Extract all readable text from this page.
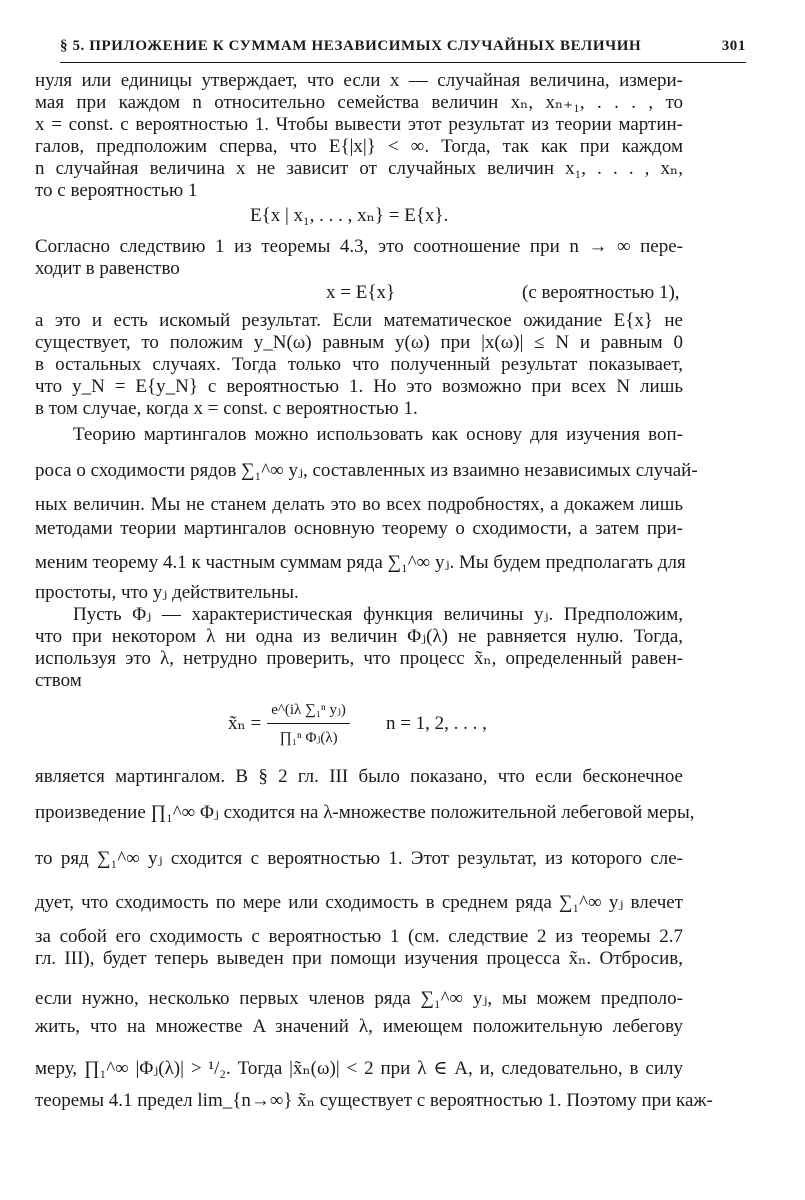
§ 5. ПРИЛОЖЕНИЕ К СУММАМ НЕЗАВИСИМЫХ СЛУЧАЙНЫХ ВЕЛИЧИН	301
нуля или единицы утверждает, что если x — случайная величина, измери-
мая при каждом n относительно семейства величин xₙ, xₙ₊₁, . . . , то
x = const. с вероятностью 1. Чтобы вывести этот результат из теории мартин-
галов, предположим сперва, что E{|x|} < ∞. Тогда, так как при каждом
n случайная величина x не зависит от случайных величин x₁, . . . , xₙ,
то с вероятностью 1
E{x | x₁, . . . , xₙ} = E{x}.
Согласно следствию 1 из теоремы 4.3, это соотношение при n → ∞ пере-
ходит в равенство
x = E{x}	(с вероятностью 1),
а это и есть искомый результат. Если математическое ожидание E{x} не
существует, то положим y_N(ω) равным y(ω) при |x(ω)| ≤ N и равным 0
в остальных случаях. Тогда только что полученный результат показывает,
что y_N = E{y_N} с вероятностью 1. Но это возможно при всех N лишь
в том случае, когда x = const. с вероятностью 1.
Теорию мартингалов можно использовать как основу для изучения воп-
роса о сходимости рядов ∑₁^∞ yⱼ, составленных из взаимно независимых случай-
ных величин. Мы не станем делать это во всех подробностях, а докажем лишь
методами теории мартингалов основную теорему о сходимости, а затем при-
меним теорему 4.1 к частным суммам ряда ∑₁^∞ yⱼ. Мы будем предполагать для
простоты, что yⱼ действительны.
Пусть Φⱼ — характеристическая функция величины yⱼ. Предположим,
что при некотором λ ни одна из величин Φⱼ(λ) не равняется нулю. Тогда,
используя это λ, нетрудно проверить, что процесс x̃ₙ, определенный равен-
ством
x̃ₙ =
e^(iλ ∑₁ⁿ yⱼ)
∏₁ⁿ Φⱼ(λ)
n = 1, 2, . . . ,
является мартингалом. В § 2 гл. III было показано, что если бесконечное
произведение ∏₁^∞ Φⱼ сходится на λ-множестве положительной лебеговой меры,
то ряд ∑₁^∞ yⱼ сходится с вероятностью 1. Этот результат, из которого сле-
дует, что сходимость по мере или сходимость в среднем ряда ∑₁^∞ yⱼ влечет
за собой его сходимость с вероятностью 1 (см. следствие 2 из теоремы 2.7
гл. III), будет теперь выведен при помощи изучения процесса x̃ₙ. Отбросив,
если нужно, несколько первых членов ряда ∑₁^∞ yⱼ, мы можем предполо-
жить, что на множестве A значений λ, имеющем положительную лебегову
меру, ∏₁^∞ |Φⱼ(λ)| > ¹/₂. Тогда |x̃ₙ(ω)| < 2 при λ ∈ A, и, следовательно, в силу
теоремы 4.1 предел lim_{n→∞} x̃ₙ существует с вероятностью 1. Поэтому при каж-
